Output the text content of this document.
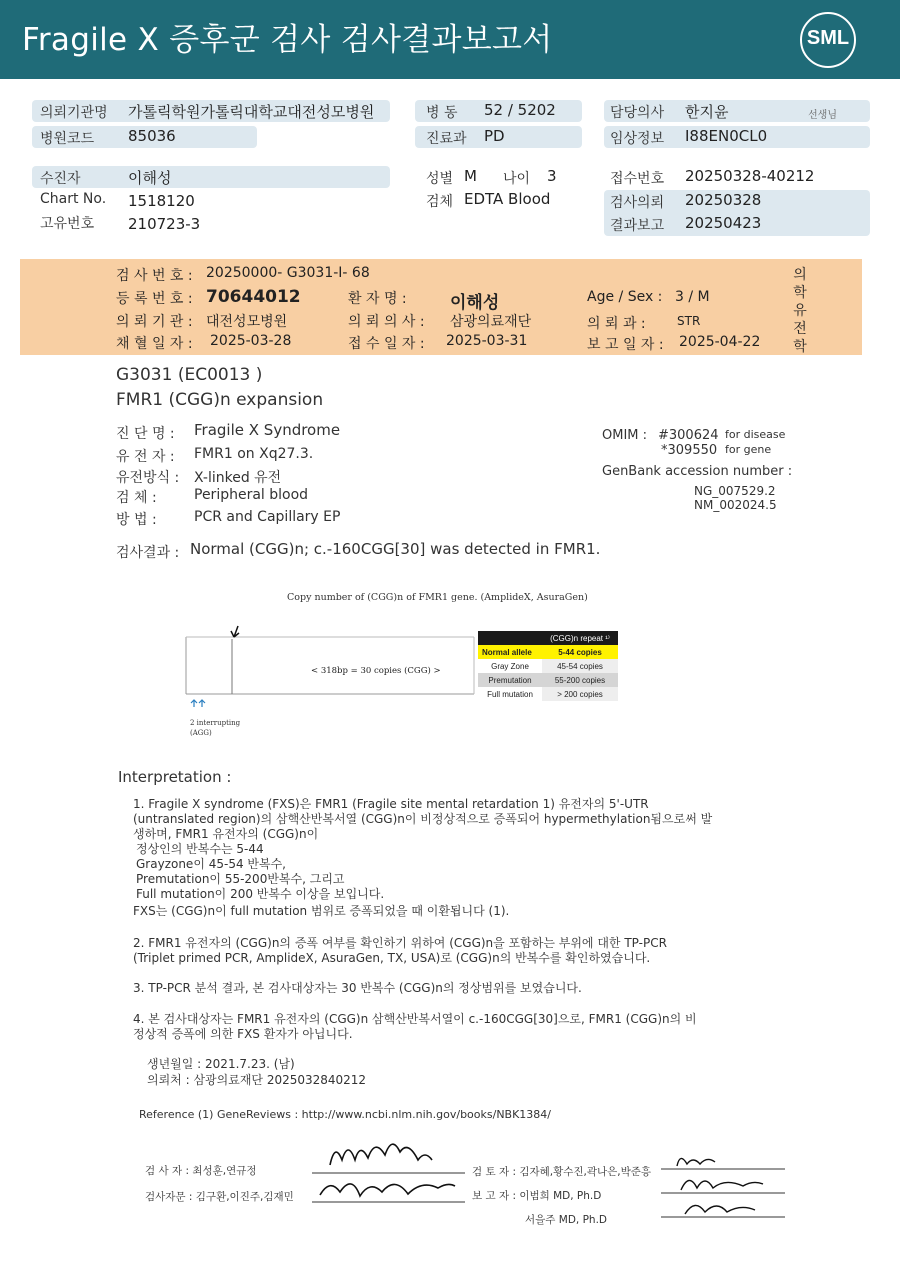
Fragile X 증후군 검사 검사결과보고서	SML
의뢰기관명 가톨릭학원가톨릭대학교대전성모병원	병 동 52 / 5202	담당의사 한지윤	선생님
병원코드 85036	진료과 PD	임상정보 I88EN0CL0
수진자	이해성	성별 M 나이 3	접수번호 20250328-40212
Chart No. 1518120	검체 EDTA Blood	검사의뢰 20250328
결과보고 20250423
고유번호 210723-3
검 사 번 호 : 20250000- G3031-I- 68
등 록 번 호 : 70644012	환 자 명 :	이해성	Age / Sex : 3 / M
의 뢰 기 관 : 대전성모병원	의 뢰 의 사 : 삼광의료재단	의 뢰 과 :	STR
채 혈 일 자 : 2025-03-28	접 수 일 자 : 2025-03-31	보 고 일 자 : 2025-04-22
의
학
유
전
학
G3031 (EC0013 )
FMR1 (CGG)n expansion
진 단 명 : Fragile X Syndrome
유 전 자 : FMR1 on Xq27.3.
유전방식 : X-linked 유전
검 체 :	Peripheral blood
방 법 :	PCR and Capillary EP
OMIM : #300624 for disease
*309550 for gene
GenBank accession number :
NG_007529.2
NM_002024.5
검사결과 : Normal (CGG)n; c.-160CGG[30] was detected in FMR1.
Copy number of (CGG)n of FMR1 gene. (AmplideX, AsuraGen)
< 318bp = 30 copies (CGG) >
2 interrupting
(AGG)
	(CGG)n repeat ¹⁾
Normal allele	5-44 copies
Gray Zone	45-54 copies
Premutation	55-200 copies
Full mutation	> 200 copies
Interpretation :
1. Fragile X syndrome (FXS)은 FMR1 (Fragile site mental retardation 1) 유전자의 5'-UTR
(untranslated region)의 삼핵산반복서열 (CGG)n이 비정상적으로 증폭되어 hypermethylation됨으로써 발
생하며, FMR1 유전자의 (CGG)n이
정상인의 반복수는 5-44
Grayzone이 45-54 반복수,
Premutation이 55-200반복수, 그리고
Full mutation이 200 반복수 이상을 보입니다.
FXS는 (CGG)n이 full mutation 범위로 증폭되었을 때 이환됩니다 (1).
2. FMR1 유전자의 (CGG)n의 증폭 여부를 확인하기 위하여 (CGG)n을 포함하는 부위에 대한 TP-PCR
(Triplet primed PCR, AmplideX, AsuraGen, TX, USA)로 (CGG)n의 반복수를 확인하였습니다.
3. TP-PCR 분석 결과, 본 검사대상자는 30 반복수 (CGG)n의 정상범위를 보였습니다.
4. 본 검사대상자는 FMR1 유전자의 (CGG)n 삼핵산반복서열이 c.-160CGG[30]으로, FMR1 (CGG)n의 비
정상적 증폭에 의한 FXS 환자가 아닙니다.
생년월일 : 2021.7.23. (남)
의뢰처 : 삼광의료재단 2025032840212
Reference (1) GeneReviews : http://www.ncbi.nlm.nih.gov/books/NBK1384/
검 사 자 : 최성훈,연규정
검사자문 : 김구환,이진주,김재민
검 토 자 : 김자혜,황수진,곽나은,박준흥
보 고 자 : 이범희 MD, Ph.D
서을주 MD, Ph.D
